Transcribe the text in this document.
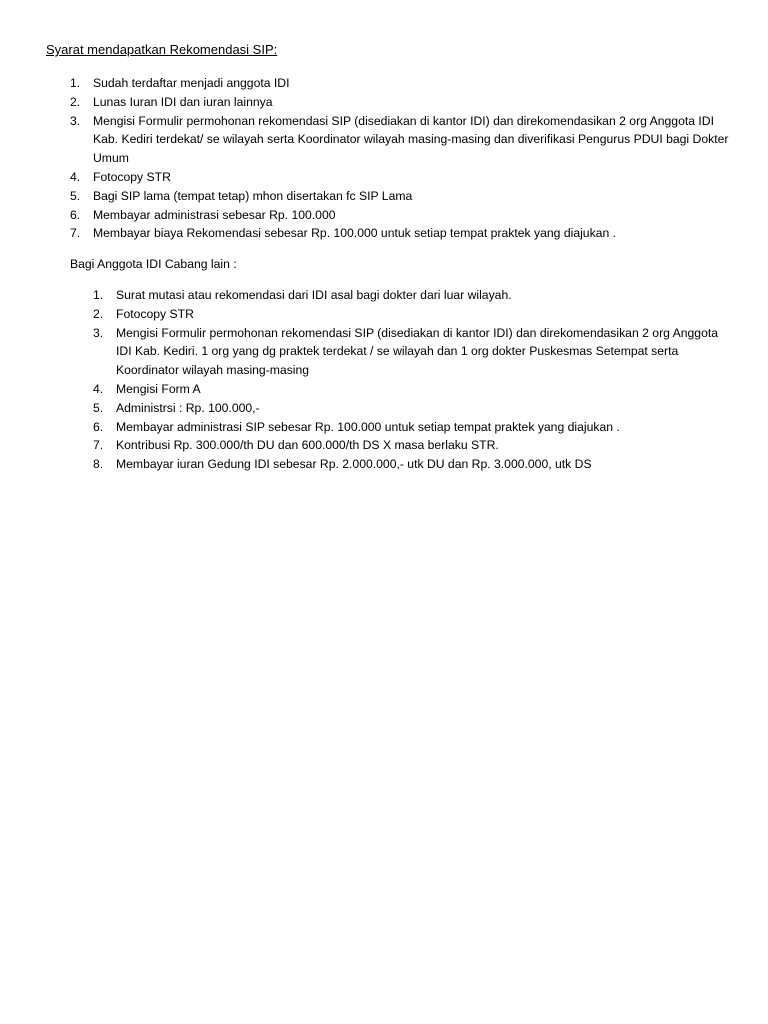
Syarat mendapatkan Rekomendasi SIP:
1. Sudah terdaftar menjadi anggota IDI
2. Lunas Iuran IDI dan iuran lainnya
3. Mengisi Formulir permohonan rekomendasi SIP (disediakan di kantor IDI) dan direkomendasikan 2 org Anggota IDI Kab. Kediri terdekat/ se wilayah serta Koordinator wilayah masing-masing dan diverifikasi Pengurus PDUI bagi Dokter Umum
4. Fotocopy STR
5. Bagi SIP lama (tempat tetap) mhon disertakan fc SIP Lama
6. Membayar administrasi sebesar Rp. 100.000
7. Membayar biaya Rekomendasi sebesar Rp. 100.000 untuk setiap tempat praktek yang diajukan .
Bagi Anggota IDI Cabang lain :
1. Surat mutasi atau rekomendasi dari IDI asal bagi dokter dari luar wilayah.
2. Fotocopy STR
3. Mengisi Formulir permohonan rekomendasi SIP (disediakan di kantor IDI) dan direkomendasikan 2 org Anggota IDI Kab. Kediri. 1 org yang dg praktek terdekat / se wilayah dan 1 org dokter Puskesmas Setempat serta Koordinator wilayah masing-masing
4. Mengisi Form A
5. Administrsi : Rp. 100.000,-
6. Membayar administrasi SIP sebesar Rp. 100.000 untuk setiap tempat praktek yang diajukan .
7. Kontribusi Rp. 300.000/th DU dan 600.000/th DS X masa berlaku STR.
8. Membayar iuran Gedung IDI sebesar Rp. 2.000.000,- utk DU dan Rp. 3.000.000, utk DS
